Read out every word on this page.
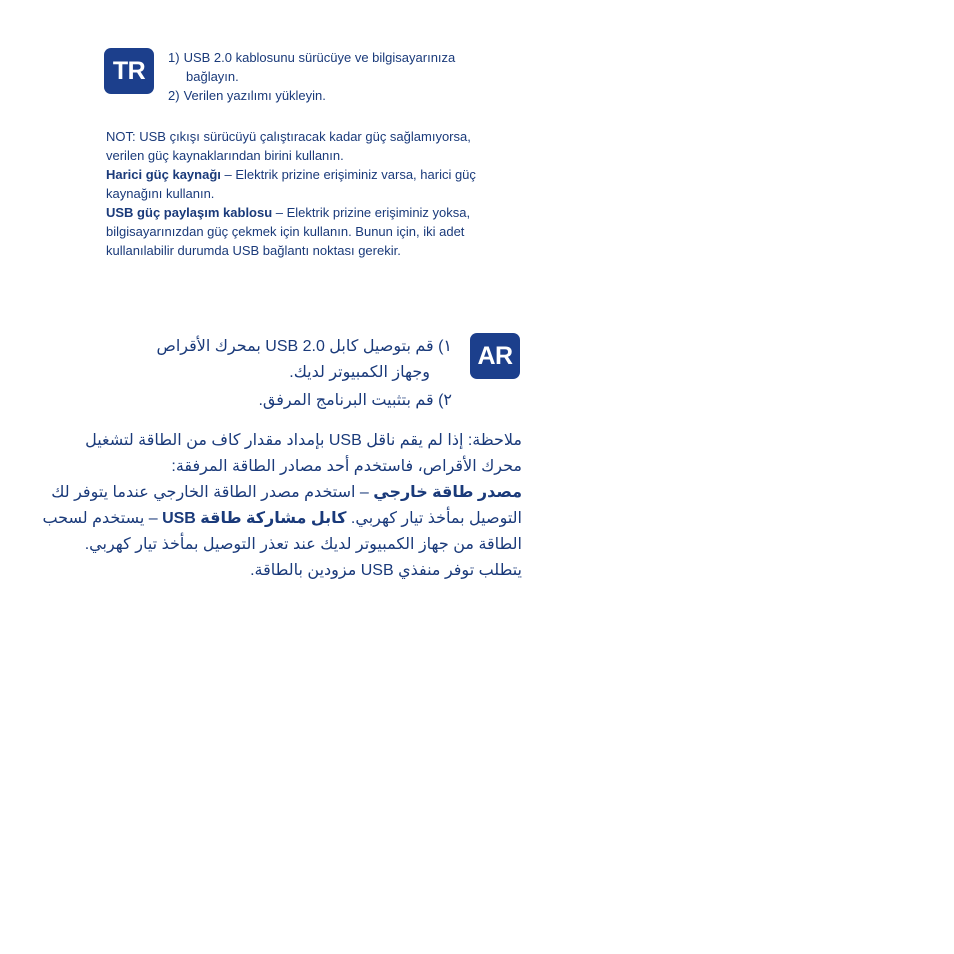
TR	1) USB 2.0 kablosunu sürücüye ve bilgisayarınıza
bağlayın.
2) Verilen yazılımı yükleyin.

NOT: USB çıkışı sürücüyü çalıştıracak kadar güç sağlamıyorsa,

verilen güç kaynaklarından birini kullanın.

Harici güç kaynağı – Elektrik prizine erişiminiz varsa, harici güç kaynağını kullanın.

USB güç paylaşım kablosu – Elektrik prizine erişiminiz yoksa, bilgisayarınızdan güç çekmek için kullanın. Bunun için, iki adet kullanılabilir durumda USB bağlantı noktası gerekir.

AR

١) قم بتوصيل كابل USB 2.0 بمحرك الأقراص

وجهاز الكمبيوتر لديك.

٢) قم بتثبيت البرنامج المرفق.

ملاحظة: إذا لم يقم ناقل USB بإمداد مقدار كاف من الطاقة لتشغيل محرك الأقراص، فاستخدم أحد مصادر الطاقة المرفقة:

مصدر طاقة خارجي – استخدم مصدر الطاقة الخارجي عندما يتوفر لك التوصيل بمأخذ تيار كهربي. كابل مشاركة طاقة USB – يستخدم لسحب الطاقة من جهاز الكمبيوتر لديك عند تعذر التوصيل بمأخذ تيار كهربي. يتطلب توفر منفذي USB مزودين بالطاقة.
